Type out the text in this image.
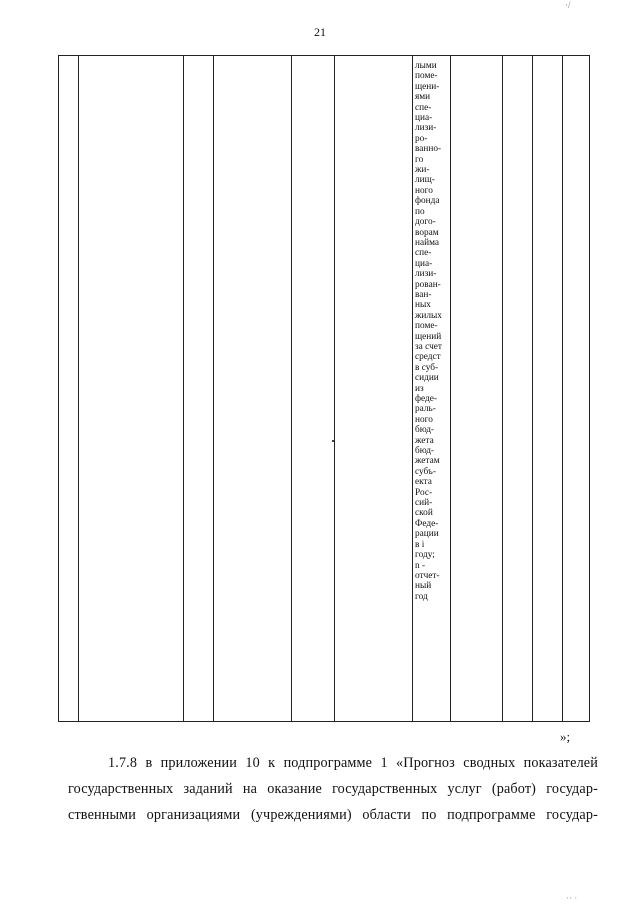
21
·/
лыми
поме-
щени-
ями
спе-
циа-
лизи-
ро-
ванно-
го
жи-
лищ-
ного
фонда
по
дого-
ворам
найма
спе-
циа-
лизи-
рован-
ван-
ных
жилых
поме-
щений
за счет
средст
в суб-
сидии
из
феде-
раль-
ного
бюд-
жета
бюд-
жетам
субъ-
екта
Рос-
сий-
ской
Феде-
рации
в i
году;
n -
отчет-
ный
год
»;
1.7.8 в приложении 10 к подпрограмме 1 «Прогноз сводных показателей
государственных заданий на оказание государственных услуг (работ) государ-
ственными организациями (учреждениями) области по подпрограмме государ-
·· ·
